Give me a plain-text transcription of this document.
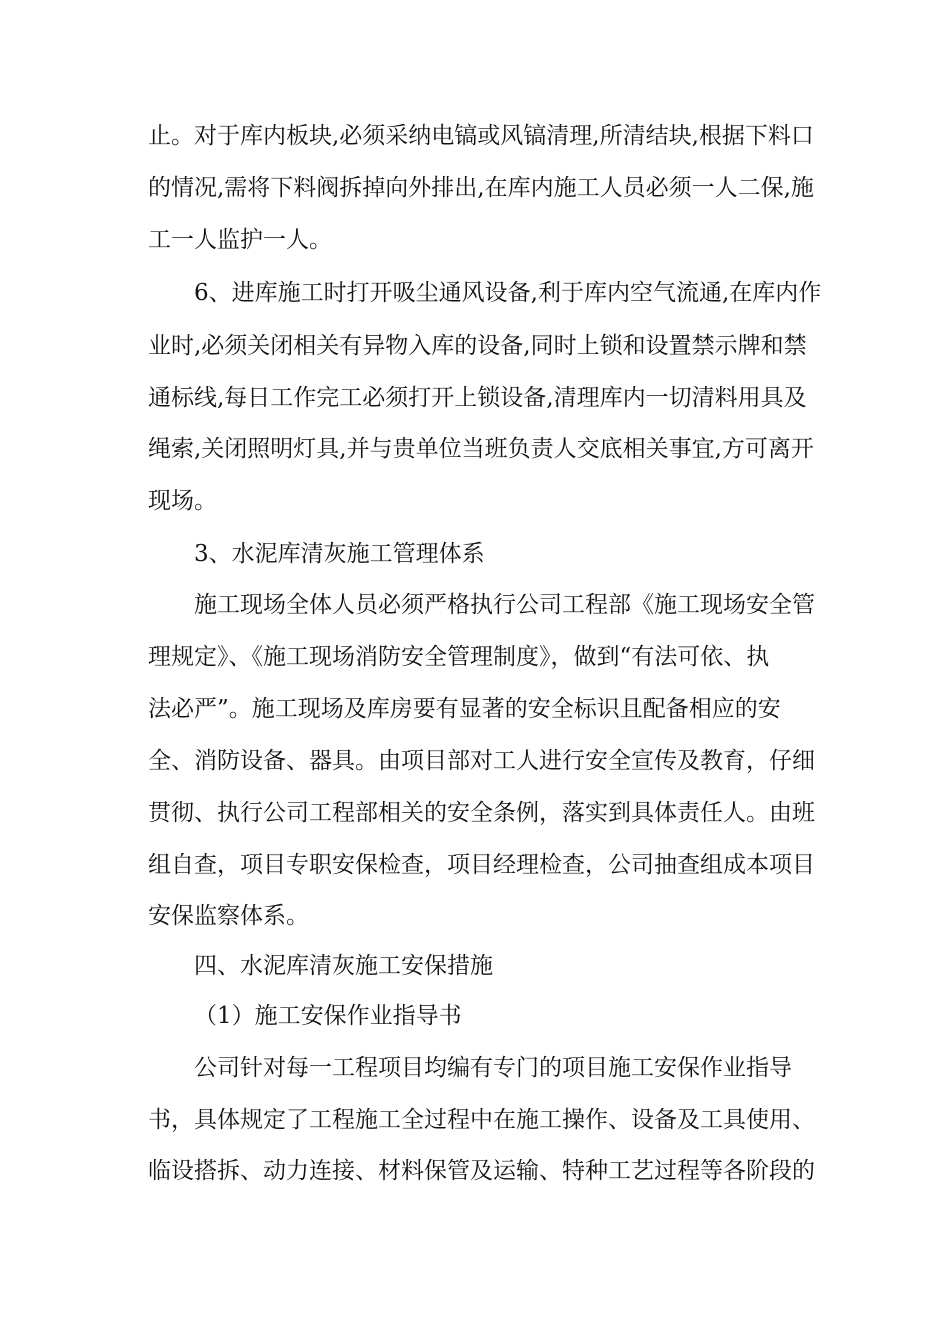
止。对于库内板块,必须采纳电镐或风镐清理,所清结块,根据下料口
的情况,需将下料阀拆掉向外排出,在库内施工人员必须一人二保,施
工一人监护一人。
6、进库施工时打开吸尘通风设备,利于库内空气流通,在库内作
业时,必须关闭相关有异物入库的设备,同时上锁和设置禁示牌和禁
通标线,每日工作完工必须打开上锁设备,清理库内一切清料用具及
绳索,关闭照明灯具,并与贵单位当班负责人交底相关事宜,方可离开
现场。
3、水泥库清灰施工管理体系
施工现场全体人员必须严格执行公司工程部《施工现场安全管
理规定》、《施工现场消防安全管理制度》，做到“有法可依、执
法必严”。施工现场及库房要有显著的安全标识且配备相应的安
全、消防设备、器具。由项目部对工人进行安全宣传及教育，仔细
贯彻、执行公司工程部相关的安全条例，落实到具体责任人。由班
组自查，项目专职安保检查，项目经理检查，公司抽查组成本项目
安保监察体系。
四、水泥库清灰施工安保措施
（1）施工安保作业指导书
公司针对每一工程项目均编有专门的项目施工安保作业指导
书，具体规定了工程施工全过程中在施工操作、设备及工具使用、
临设搭拆、动力连接、材料保管及运输、特种工艺过程等各阶段的
